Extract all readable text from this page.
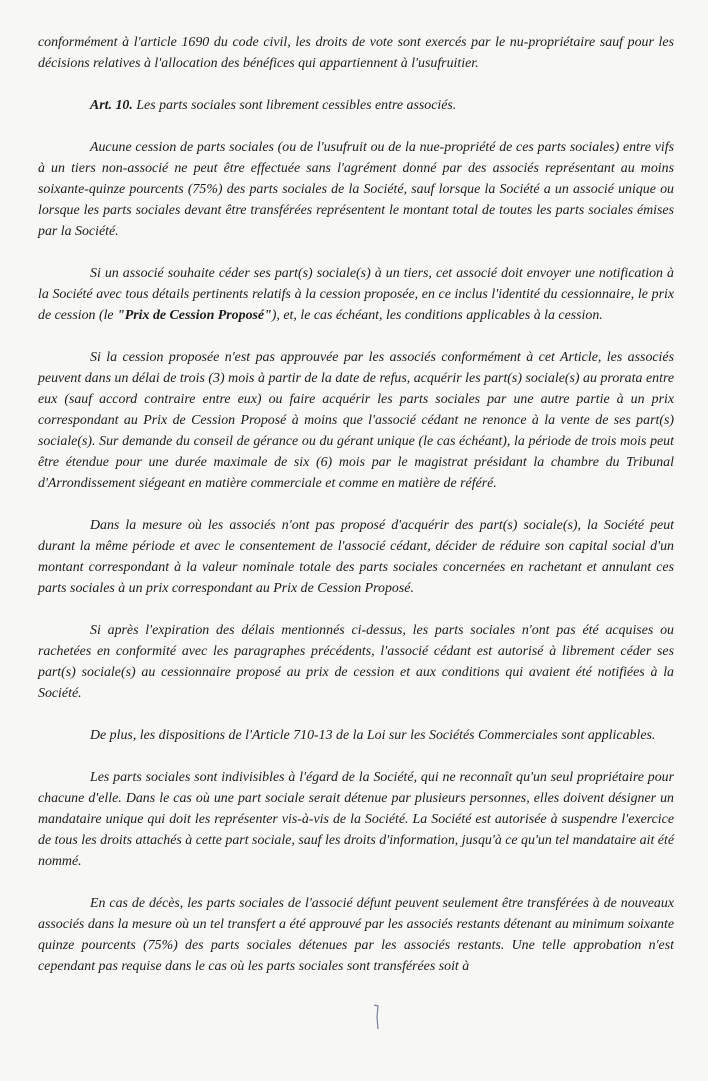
conformément à l'article 1690 du code civil, les droits de vote sont exercés par le nu-propriétaire sauf pour les décisions relatives à l'allocation des bénéfices qui appartiennent à l'usufruitier.

Art. 10. Les parts sociales sont librement cessibles entre associés.

Aucune cession de parts sociales (ou de l'usufruit ou de la nue-propriété de ces parts sociales) entre vifs à un tiers non-associé ne peut être effectuée sans l'agrément donné par des associés représentant au moins soixante-quinze pourcents (75%) des parts sociales de la Société, sauf lorsque la Société a un associé unique ou lorsque les parts sociales devant être transférées représentent le montant total de toutes les parts sociales émises par la Société.

Si un associé souhaite céder ses part(s) sociale(s) à un tiers, cet associé doit envoyer une notification à la Société avec tous détails pertinents relatifs à la cession proposée, en ce inclus l'identité du cessionnaire, le prix de cession (le "Prix de Cession Proposé"), et, le cas échéant, les conditions applicables à la cession.

Si la cession proposée n'est pas approuvée par les associés conformément à cet Article, les associés peuvent dans un délai de trois (3) mois à partir de la date de refus, acquérir les part(s) sociale(s) au prorata entre eux (sauf accord contraire entre eux) ou faire acquérir les parts sociales par une autre partie à un prix correspondant au Prix de Cession Proposé à moins que l'associé cédant ne renonce à la vente de ses part(s) sociale(s). Sur demande du conseil de gérance ou du gérant unique (le cas échéant), la période de trois mois peut être étendue pour une durée maximale de six (6) mois par le magistrat présidant la chambre du Tribunal d'Arrondissement siégeant en matière commerciale et comme en matière de référé.

Dans la mesure où les associés n'ont pas proposé d'acquérir des part(s) sociale(s), la Société peut durant la même période et avec le consentement de l'associé cédant, décider de réduire son capital social d'un montant correspondant à la valeur nominale totale des parts sociales concernées en rachetant et annulant ces parts sociales à un prix correspondant au Prix de Cession Proposé.

Si après l'expiration des délais mentionnés ci-dessus, les parts sociales n'ont pas été acquises ou rachetées en conformité avec les paragraphes précédents, l'associé cédant est autorisé à librement céder ses part(s) sociale(s) au cessionnaire proposé au prix de cession et aux conditions qui avaient été notifiées à la Société.

De plus, les dispositions de l'Article 710-13 de la Loi sur les Sociétés Commerciales sont applicables.

Les parts sociales sont indivisibles à l'égard de la Société, qui ne reconnaît qu'un seul propriétaire pour chacune d'elle. Dans le cas où une part sociale serait détenue par plusieurs personnes, elles doivent désigner un mandataire unique qui doit les représenter vis-à-vis de la Société. La Société est autorisée à suspendre l'exercice de tous les droits attachés à cette part sociale, sauf les droits d'information, jusqu'à ce qu'un tel mandataire ait été nommé.

En cas de décès, les parts sociales de l'associé défunt peuvent seulement être transférées à de nouveaux associés dans la mesure où un tel transfert a été approuvé par les associés restants détenant au minimum soixante quinze pourcents (75%) des parts sociales détenues par les associés restants. Une telle approbation n'est cependant pas requise dans le cas où les parts sociales sont transférées soit à
